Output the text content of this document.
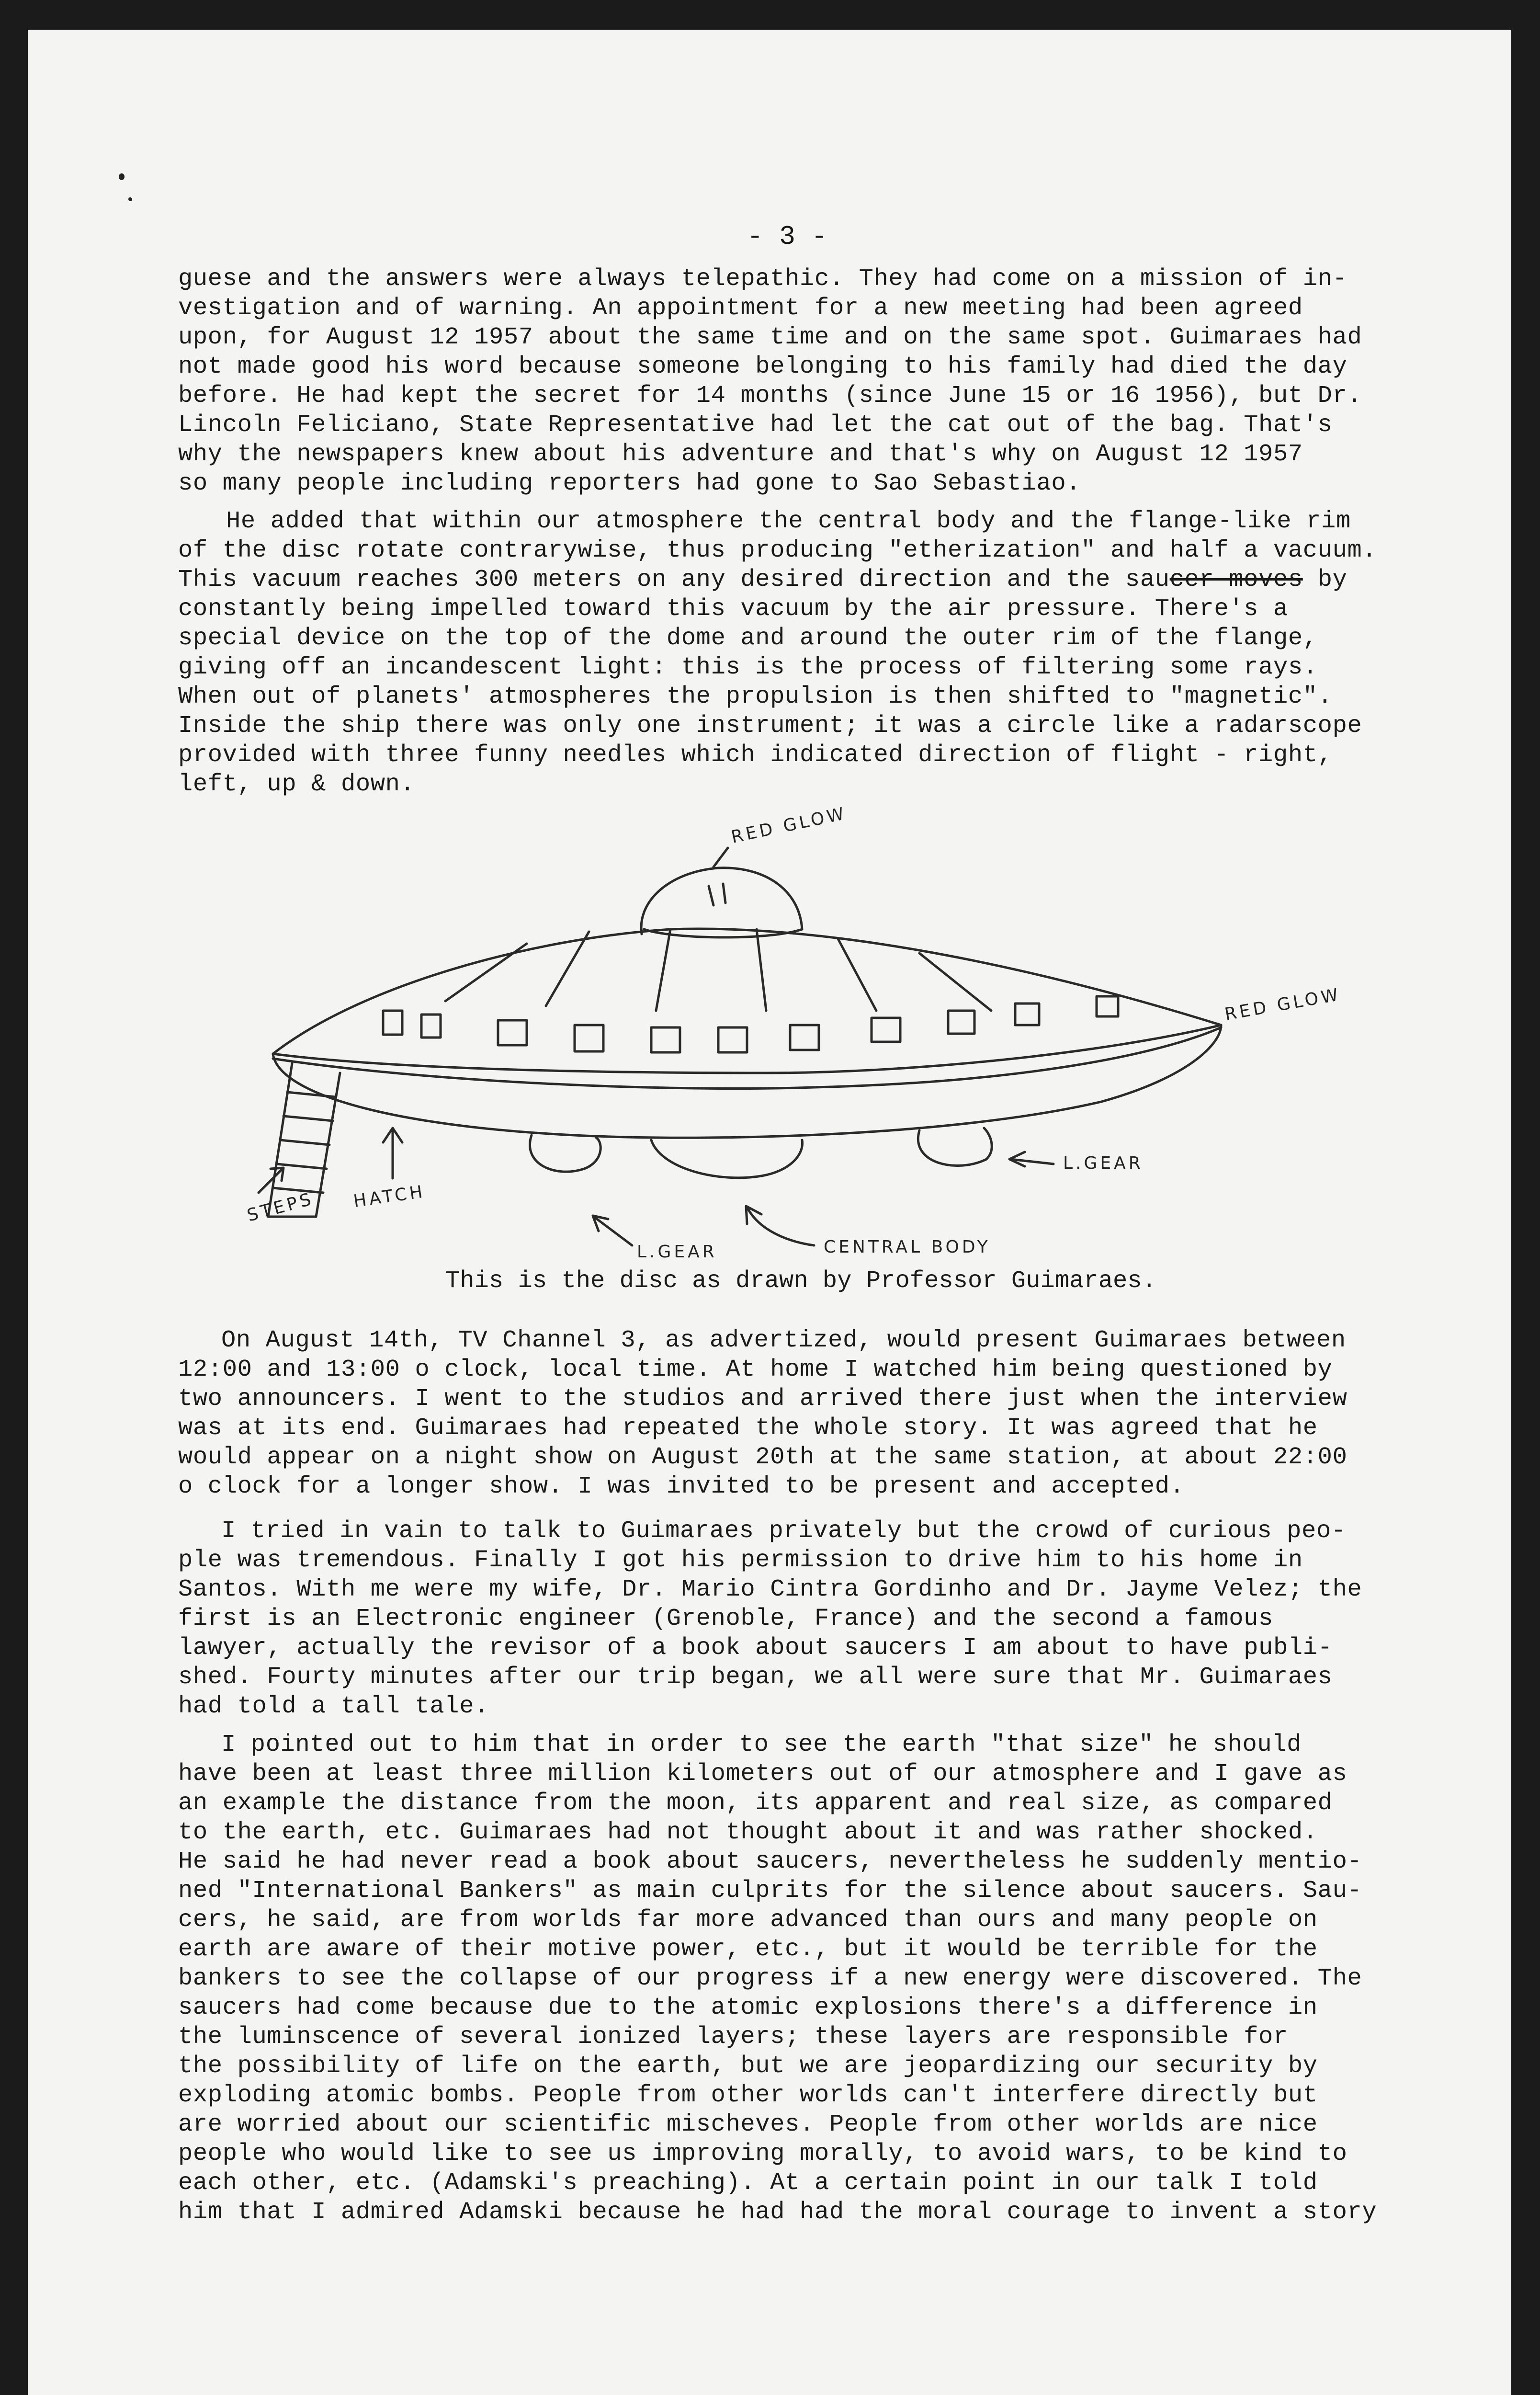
- 3 -
guese and the answers were always telepathic. They had come on a mission of in-
vestigation and of warning. An appointment for a new meeting had been agreed
upon, for August 12 1957 about the same time and on the same spot. Guimaraes had
not made good his word because someone belonging to his family had died the day
before. He had kept the secret for 14 months (since June 15 or 16 1956), but Dr.
Lincoln Feliciano, State Representative had let the cat out of the bag. That's
why the newspapers knew about his adventure and that's why on August 12 1957
so many people including reporters had gone to Sao Sebastiao.
He added that within our atmosphere the central body and the flange-like rim
of the disc rotate contrarywise, thus producing "etherization" and half a vacuum.
This vacuum reaches 300 meters on any desired direction and the saucer moves by
constantly being impelled toward this vacuum by the air pressure. There's a
special device on the top of the dome and around the outer rim of the flange,
giving off an incandescent light: this is the process of filtering some rays.
When out of planets' atmospheres the propulsion is then shifted to "magnetic".
Inside the ship there was only one instrument; it was a circle like a radarscope
provided with three funny needles which indicated direction of flight - right,
left, up & down.
RED GLOW
RED GLOW
STEPS HATCH
L.GEAR	CENTRAL BODY
L.GEAR
This is the disc as drawn by Professor Guimaraes.
On August 14th, TV Channel 3, as advertized, would present Guimaraes between
12:00 and 13:00 o clock, local time. At home I watched him being questioned by
two announcers. I went to the studios and arrived there just when the interview
was at its end. Guimaraes had repeated the whole story. It was agreed that he
would appear on a night show on August 20th at the same station, at about 22:00
o clock for a longer show. I was invited to be present and accepted.
I tried in vain to talk to Guimaraes privately but the crowd of curious peo-
ple was tremendous. Finally I got his permission to drive him to his home in
Santos. With me were my wife, Dr. Mario Cintra Gordinho and Dr. Jayme Velez; the
first is an Electronic engineer (Grenoble, France) and the second a famous
lawyer, actually the revisor of a book about saucers I am about to have publi-
shed. Fourty minutes after our trip began, we all were sure that Mr. Guimaraes
had told a tall tale.
I pointed out to him that in order to see the earth "that size" he should
have been at least three million kilometers out of our atmosphere and I gave as
an example the distance from the moon, its apparent and real size, as compared
to the earth, etc. Guimaraes had not thought about it and was rather shocked.
He said he had never read a book about saucers, nevertheless he suddenly mentio-
ned "International Bankers" as main culprits for the silence about saucers. Sau-
cers, he said, are from worlds far more advanced than ours and many people on
earth are aware of their motive power, etc., but it would be terrible for the
bankers to see the collapse of our progress if a new energy were discovered. The
saucers had come because due to the atomic explosions there's a difference in
the luminscence of several ionized layers; these layers are responsible for
the possibility of life on the earth, but we are jeopardizing our security by
exploding atomic bombs. People from other worlds can't interfere directly but
are worried about our scientific mischeves. People from other worlds are nice
people who would like to see us improving morally, to avoid wars, to be kind to
each other, etc. (Adamski's preaching). At a certain point in our talk I told
him that I admired Adamski because he had had the moral courage to invent a story
